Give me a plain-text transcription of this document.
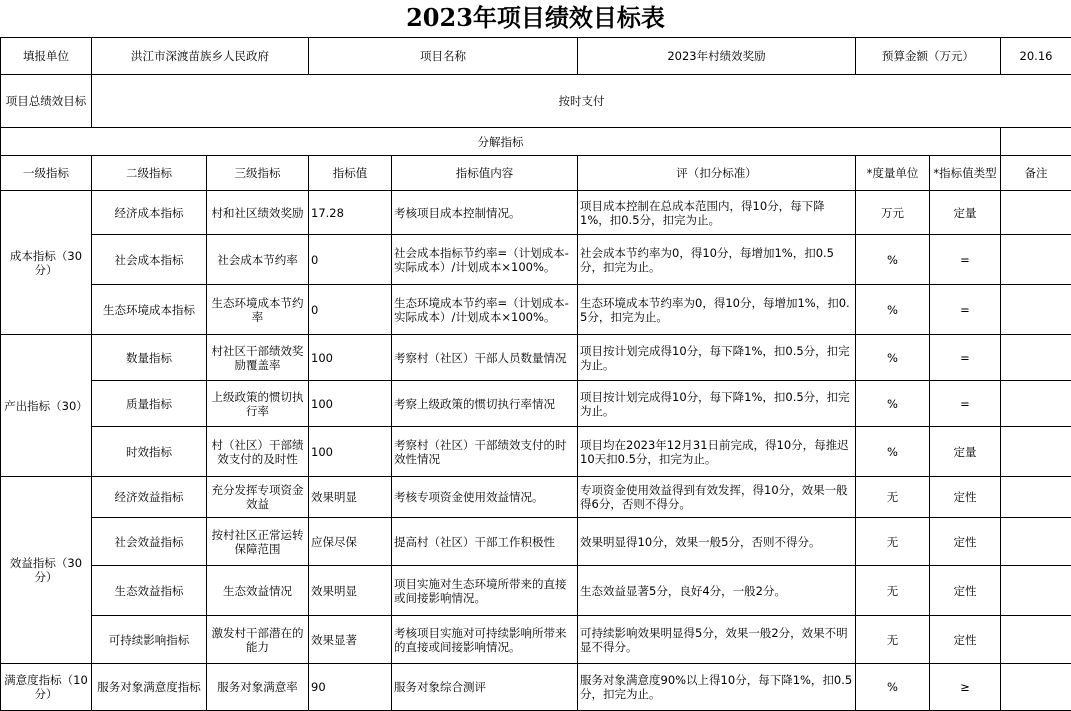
2023年项目绩效目标表
填报单位	洪江市深渡苗族乡人民政府		项目名称		2023年村绩效奖励	预算金额（万元）		20.16
项目总绩效目标	按时支付							
分解指标								
一级指标	二级指标	三级指标	指标值	指标值内容	评（扣分标准）	*度量单位	*指标值类型	备注
成本指标（30分）	经济成本指标	村和社区绩效奖励	17.28	考核项目成本控制情况。	项目成本控制在总成本范围内，得10分，每下降1%，扣0.5分，扣完为止。	万元	定量	
	社会成本指标	社会成本节约率	0	社会成本指标节约率=（计划成本-实际成本）/计划成本×100%。	社会成本节约率为0，得10分，每增加1%，扣0.5分，扣完为止。	%	=	
	生态环境成本指标	生态环境成本节约率	0	生态环境成本节约率=（计划成本-实际成本）/计划成本×100%。	生态环境成本节约率为0，得10分，每增加1%，扣0.5分，扣完为止。	%	=	
产出指标（30）	数量指标	村社区干部绩效奖励覆盖率	100	考察村（社区）干部人员数量情况	项目按计划完成得10分，每下降1%，扣0.5分，扣完为止。	%	=	
	质量指标	上级政策的惯切执行率	100	考察上级政策的惯切执行率情况	项目按计划完成得10分，每下降1%，扣0.5分，扣完为止。	%	=	
	时效指标	村（社区）干部绩效支付的及时性	100	考察村（社区）干部绩效支付的时效性情况	项目均在2023年12月31日前完成，得10分，每推迟10天扣0.5分，扣完为止。	%	定量	
效益指标（30分）	经济效益指标	充分发挥专项资金效益	效果明显	考核专项资金使用效益情况。	专项资金使用效益得到有效发挥，得10分，效果一般得6分，否则不得分。	无	定性	
	社会效益指标	按村社区正常运转保障范围	应保尽保	提高村（社区）干部工作积极性	效果明显得10分，效果一般5分，否则不得分。	无	定性	
	生态效益指标	生态效益情况	效果明显	项目实施对生态环境所带来的直接或间接影响情况。	生态效益显著5分，良好4分，一般2分。	无	定性	
	可持续影响指标	激发村干部潜在的能力	效果显著	考核项目实施对可持续影响所带来的直接或间接影响情况。	可持续影响效果明显得5分，效果一般2分，效果不明显不得分。	无	定性	
满意度指标（10分）	服务对象满意度指标	服务对象满意率	90	服务对象综合测评	服务对象满意度90%以上得10分，每下降1%，扣0.5分，扣完为止。	%	≥	
